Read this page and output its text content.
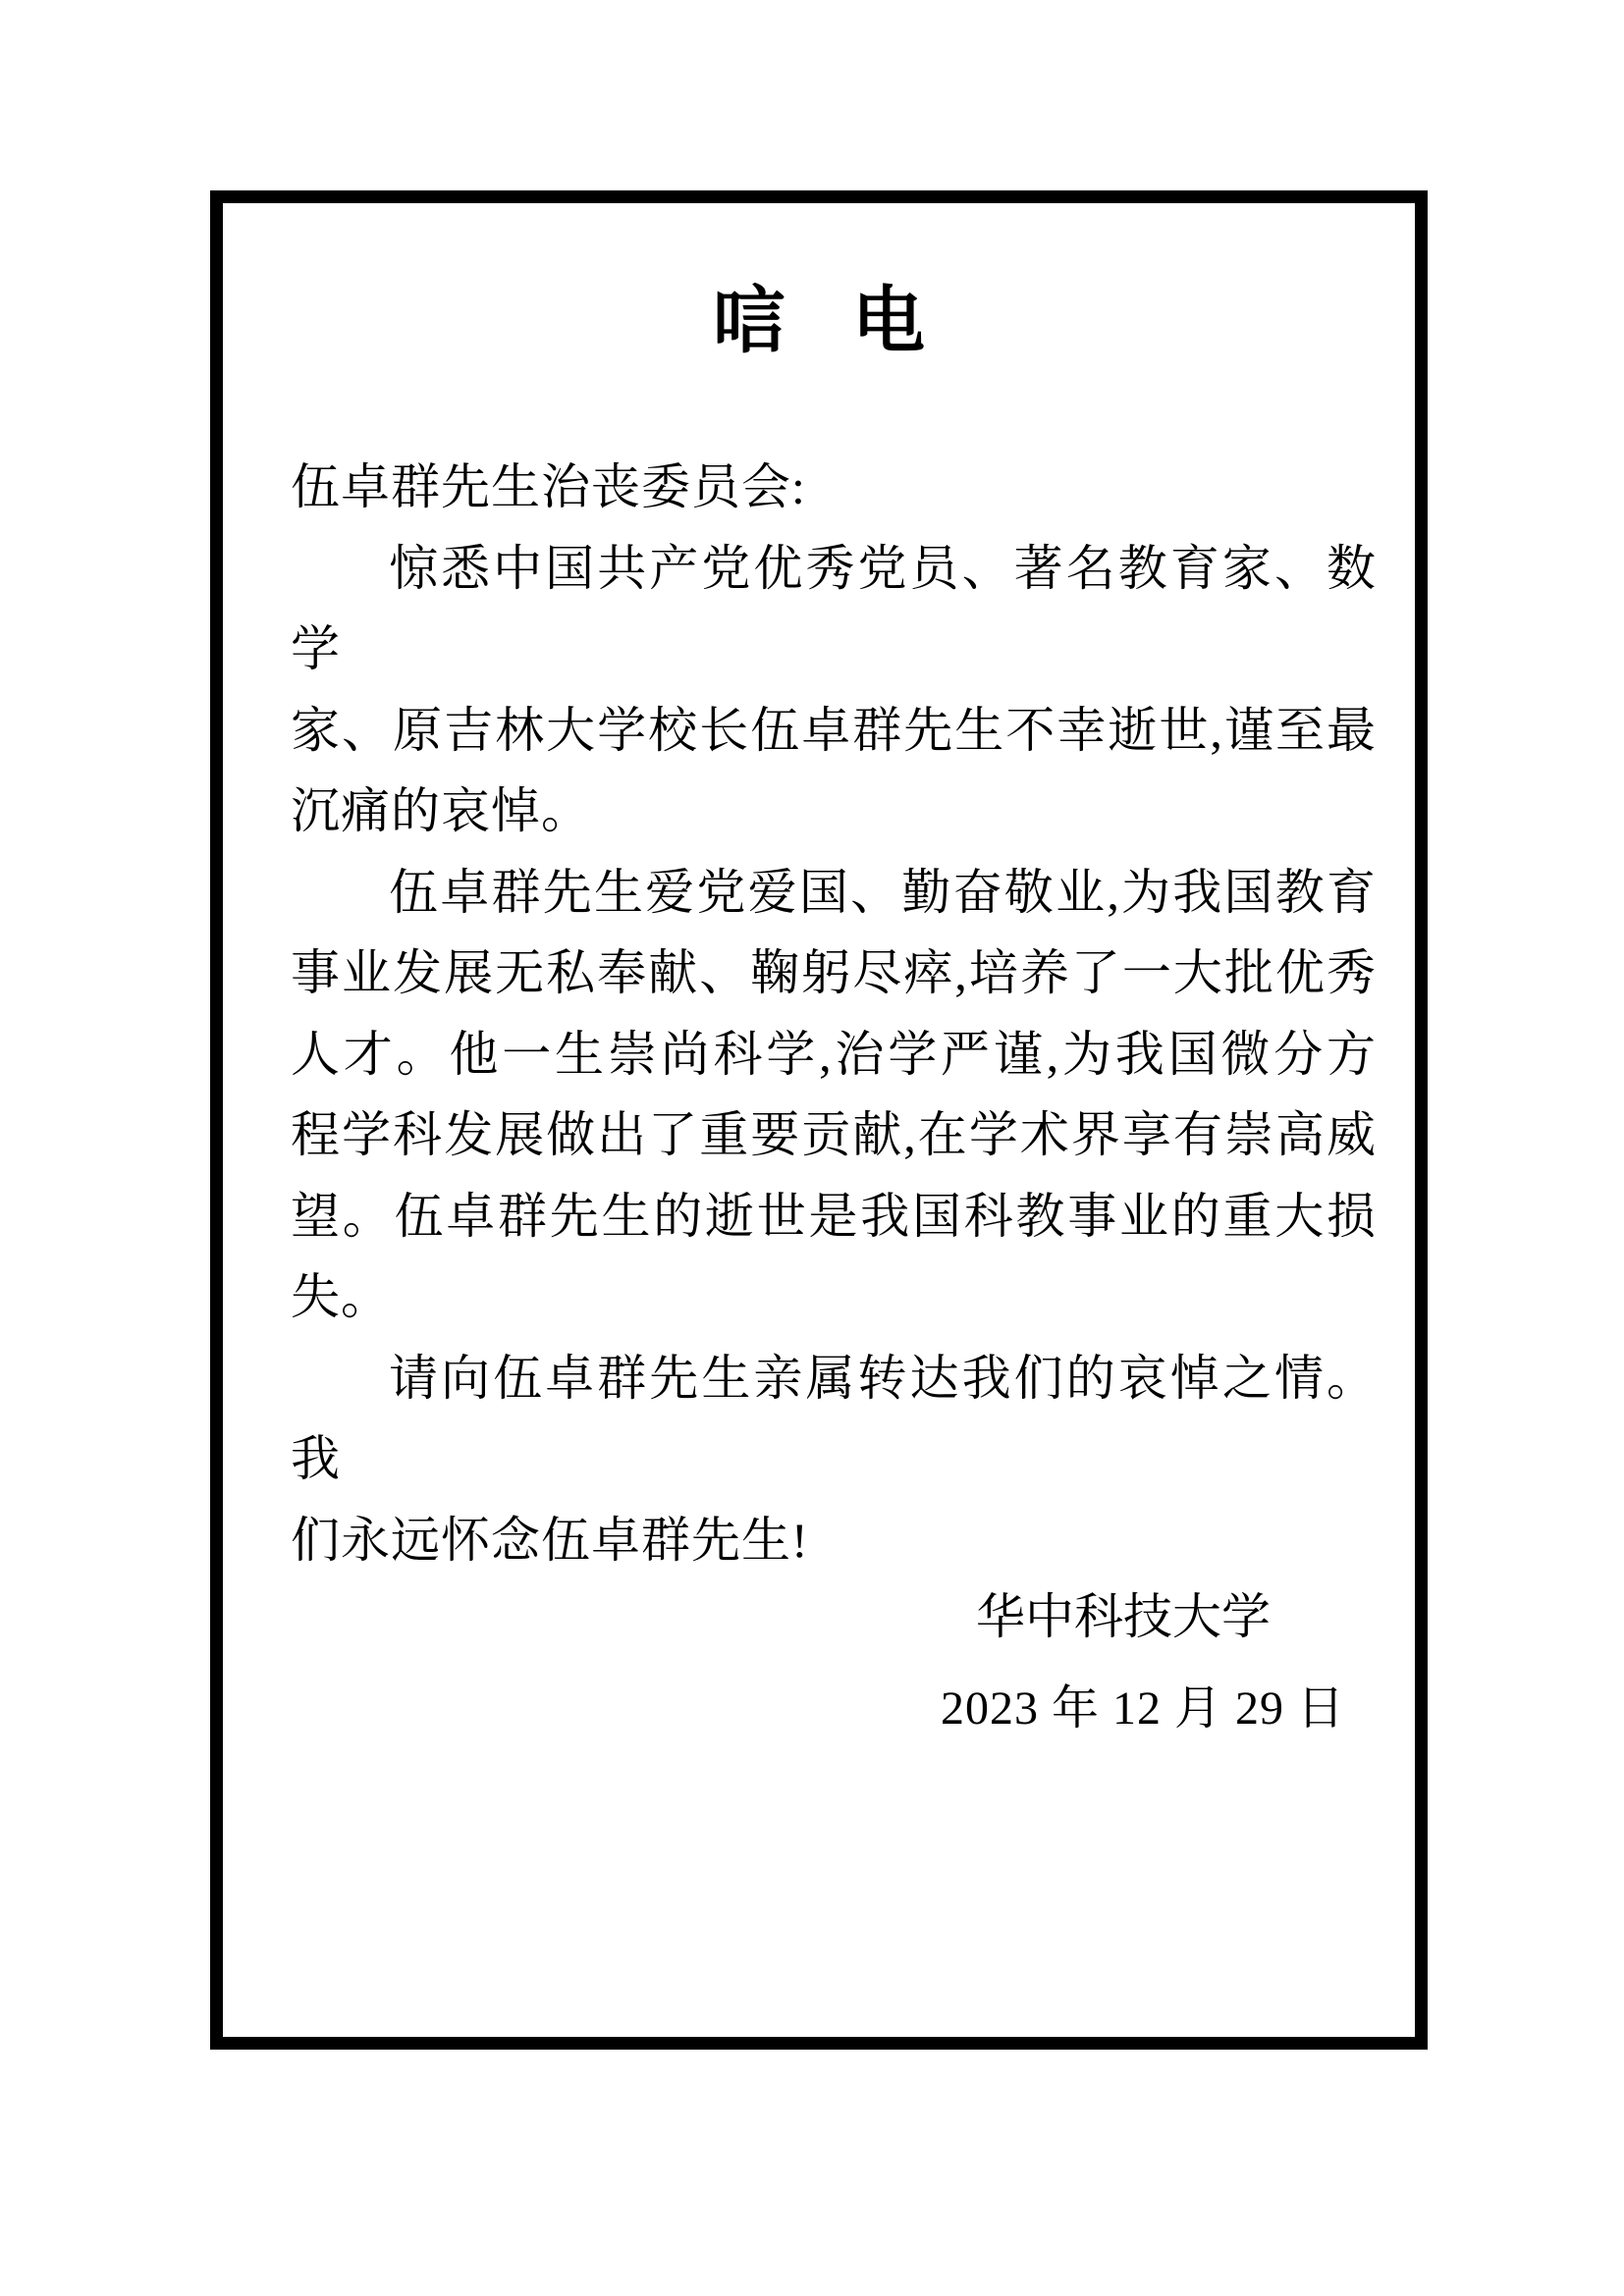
唁电
伍卓群先生治丧委员会:
惊悉中国共产党优秀党员、著名教育家、数学
家、原吉林大学校长伍卓群先生不幸逝世,谨至最
沉痛的哀悼。
伍卓群先生爱党爱国、勤奋敬业,为我国教育
事业发展无私奉献、鞠躬尽瘁,培养了一大批优秀
人才。他一生崇尚科学,治学严谨,为我国微分方
程学科发展做出了重要贡献,在学术界享有崇高威
望。伍卓群先生的逝世是我国科教事业的重大损
失。
请向伍卓群先生亲属转达我们的哀悼之情。我
们永远怀念伍卓群先生!
华中科技大学
2023 年 12 月 29 日
